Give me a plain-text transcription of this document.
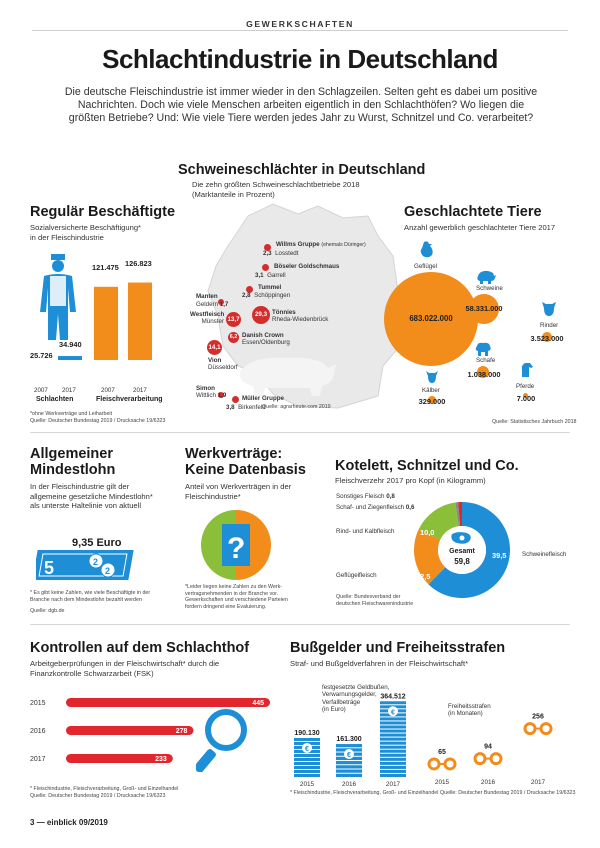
GEWERKSCHAFTEN
Schlachtindustrie in Deutschland
Die deutsche Fleischindustrie ist immer wieder in den Schlagzeilen. Selten geht es dabei um positive Nachrichten. Doch wie viele Menschen arbeiten eigentlich in den Schlachthöfen? Wo liegen die größten Betriebe? Und: Wie viele Tiere werden jedes Jahr zu Wurst, Schnitzel und Co. verarbeitet?
Schweineschlächter in Deutschland
Die zehn größten Schweineschlachtbetriebe 2018
(Marktanteile in Prozent)
Willms Gruppe (ehemals Düringer)
2,3 Losstedt
Böseler Goldschmaus
3,1 Garrell
Tummel
2,8 Schöppingen
Manten
Geldern 1,7
13,7
Westfleisch
Münster
29,3 Tönnies
Rheda-Wiedenbrück
6,2 Danish Crown
Essen/Oldenburg
14,1
Vion
Düsseldorf
Simon
Wittlich 1,9	Müller Gruppe
3,8 Birkenfeld
Quelle: agrarheute.com 2019
Regulär Beschäftigte
Sozialversicherte Beschäftigung*
in der Fleischindustrie
25.726
34.940
121.475 126.823
2007 2017	2007	2017
Schlachten	Fleischverarbeitung
*ohne Werkverträge und Leiharbeit
Quelle: Deutscher Bundestag 2019 / Drucksache 19/6323
Geschlachtete Tiere
Anzahl gewerblich geschlachteter Tiere 2017
Geflügel
683.022.000
Schweine
58.331.000
Rinder
3.523.000
Schafe
1.038.000
Kälber
329.000
Pferde
7.000
Quelle: Statistisches Jahrbuch 2018
Allgemeiner
Mindestlohn
In der Fleischindustrie gilt der
allgemeine gesetzliche Mindestlohn*
als unterste Haltelinie von aktuell
9,35 Euro
5	2
2
* Es gibt keine Zahlen, wie viele Beschäftigte in der
Branche nach dem Mindestlohn bezahlt werden
Quelle: dgb.de
Werkverträge:
Keine Datenbasis
Anteil von Werkverträgen in der
Fleischindustrie*
?
*Leider liegen keine Zahlen zu den Werk-
vertragsnehmenden in der Branche vor.
Gewerkschaften und verschiedene Parteien
fordern dringend eine Evaluierung.
Kotelett, Schnitzel und Co.
Fleischverzehr 2017 pro Kopf (in Kilogramm)
Sonstiges Fleisch 0,8
Schaf- und Ziegenfleisch 0,6
Rind- und Kalbfleisch
Schweinefleisch
Geflügelfleisch
10,0
39,5
12,5
Gesamt
59,8
Quelle: Bundesverband der
deutschen Fleischwarenindustrie
Kontrollen auf dem Schlachthof
Arbeitgeberprüfungen in der Fleischwirtschaft* durch die
Finanzkontrolle Schwarzarbeit (FSK)
2015	445
2016	278
2017	233
* Fleischindustrie, Fleischverarbeitung, Groß- und Einzelhandel
Quelle: Deutscher Bundestag 2019 / Drucksache 19/6323
Bußgelder und Freiheitsstrafen
Straf- und Bußgeldverfahren in der Fleischwirtschaft*
festgesetzte Geldbußen,
Verwarnungsgelder,
Verfallbeträge
(in Euro)
€
190.130
2015
€
161.300
2016
€
364.512
2017
Freiheitsstrafen
(in Monaten)
65
2015
94
2016
256
2017
* Fleischindustrie, Fleischverarbeitung, Groß- und Einzelhandel Quelle: Deutscher Bundestag 2019 / Drucksache 19/6323
3 — einblick 09/2019
